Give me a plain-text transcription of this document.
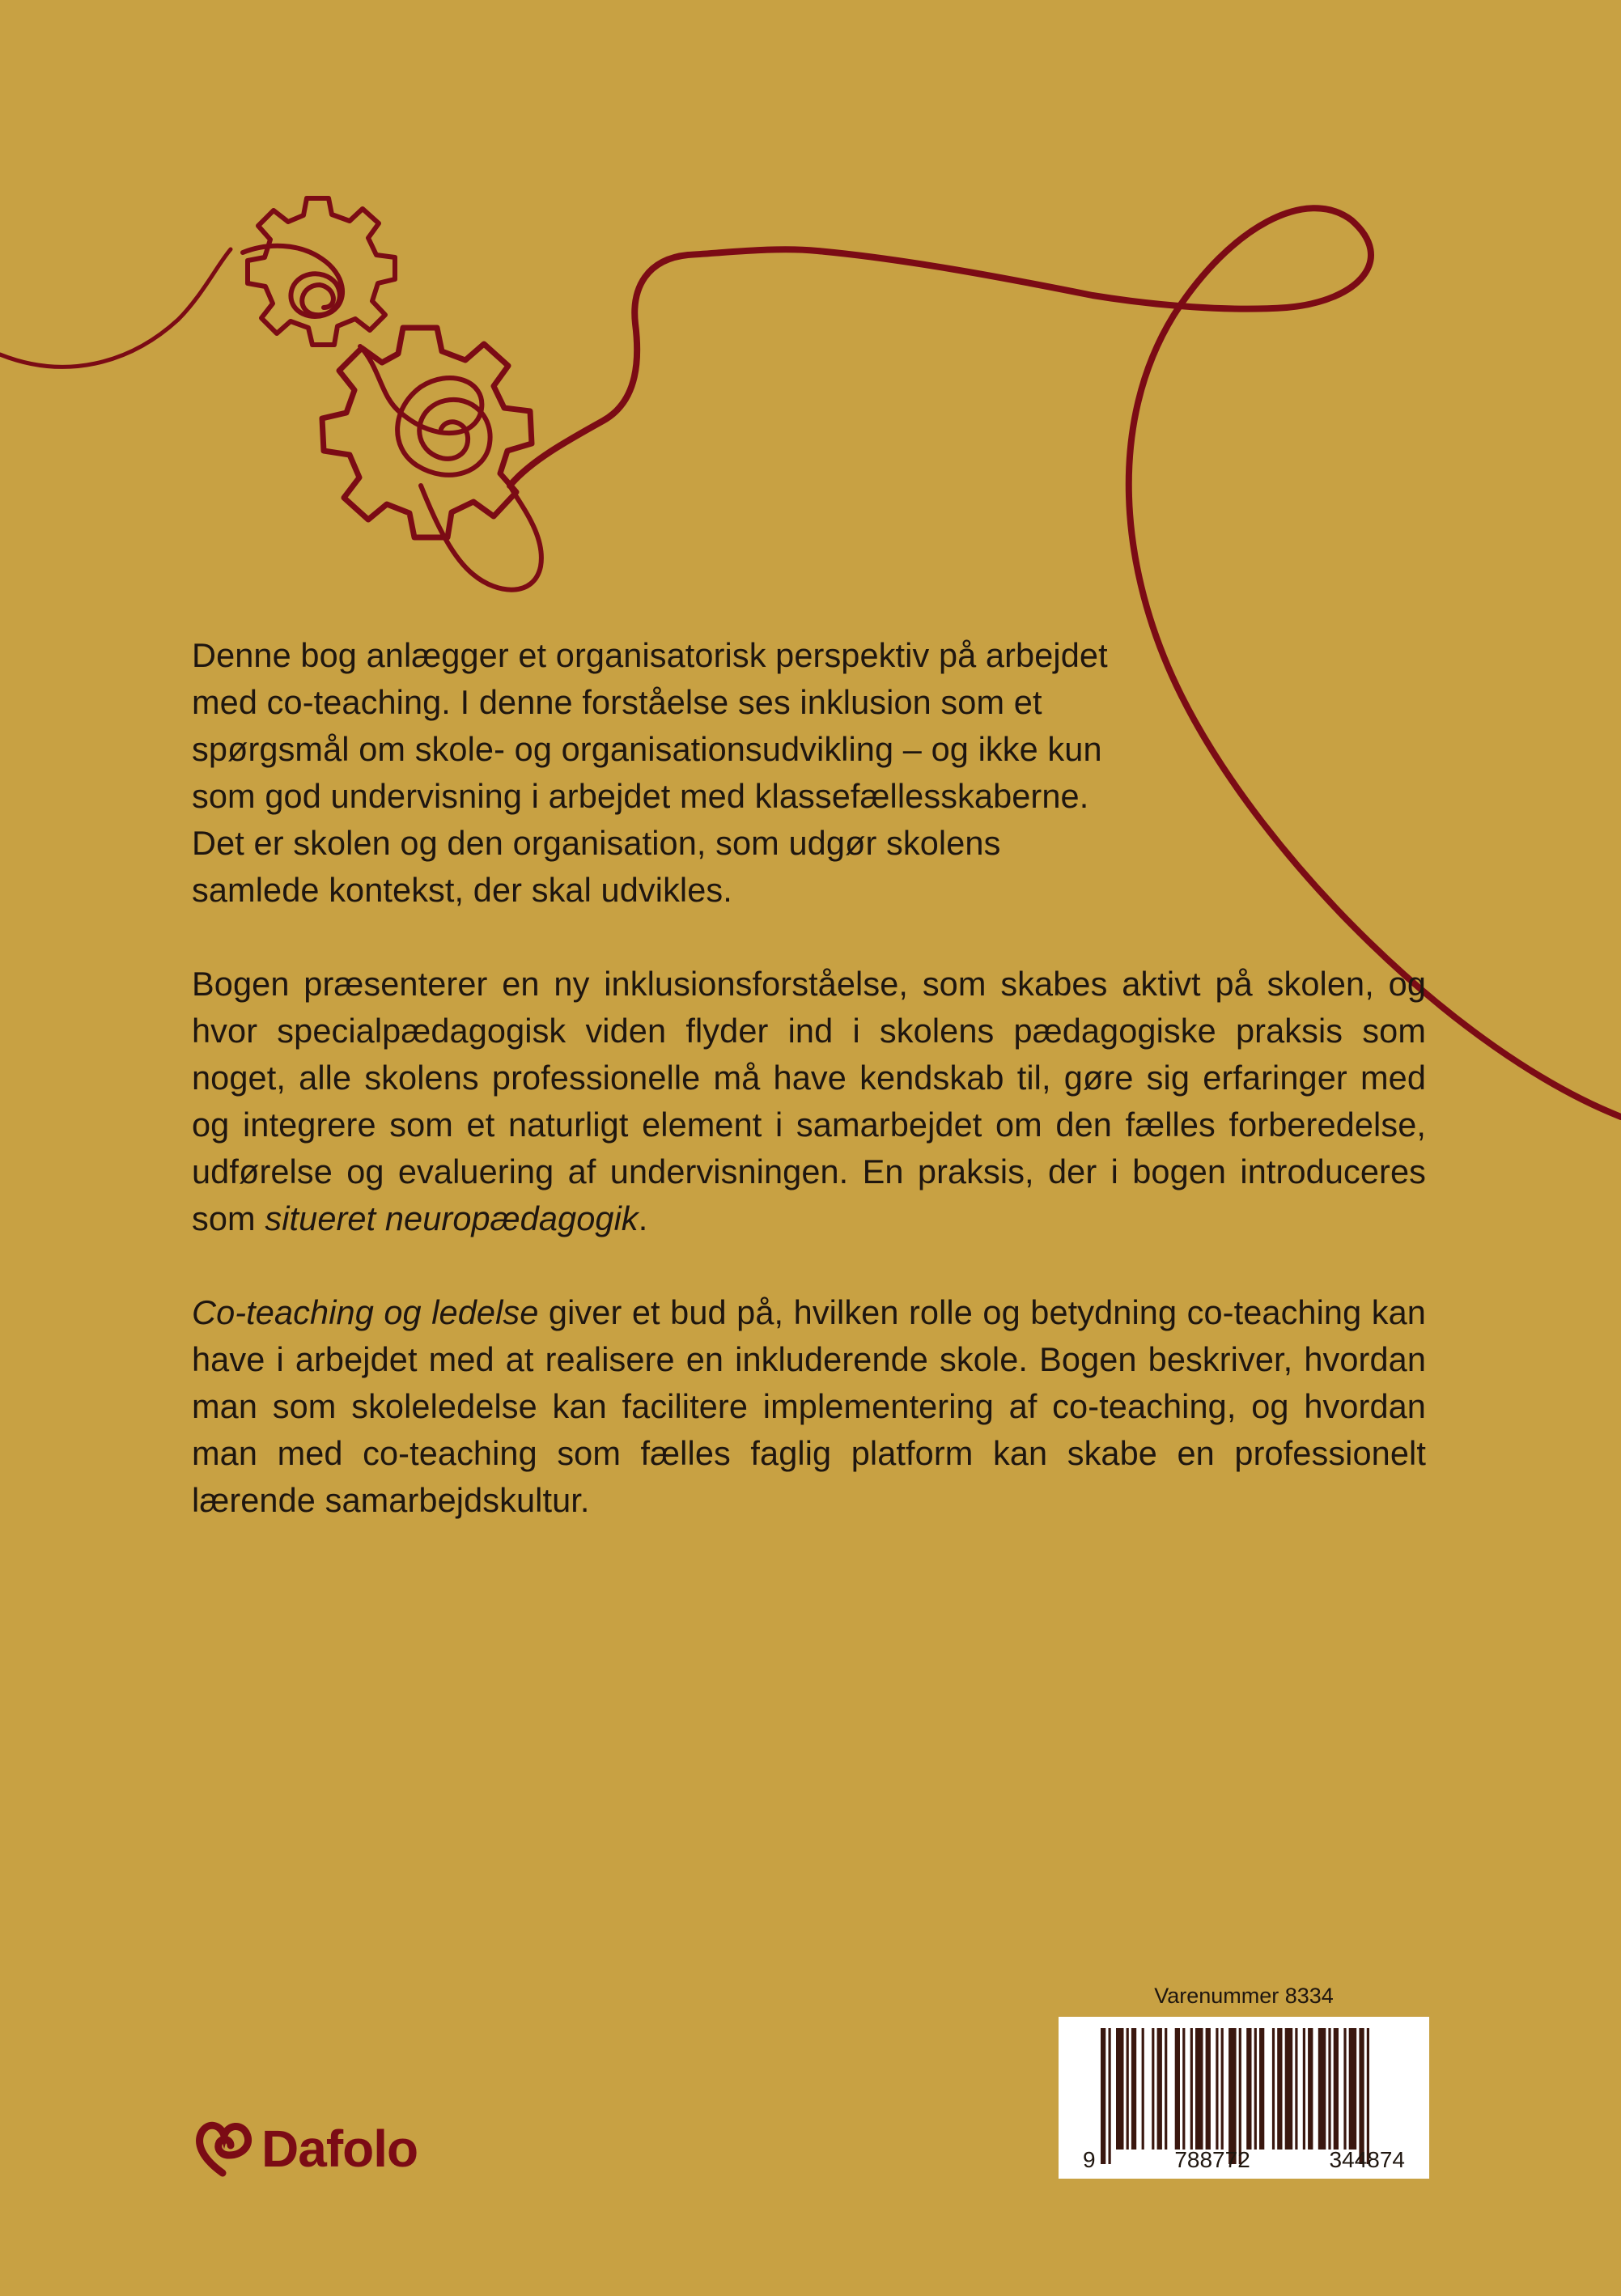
Denne bog anlægger et organisatorisk perspektiv på arbejdet med co-teaching. I denne forståelse ses inklusion som et spørgsmål om skole- og organisationsudvikling – og ikke kun som god undervisning i arbejdet med klassefællesskaberne. Det er skolen og den organisation, som udgør skolens samlede kontekst, der skal udvikles.

Bogen præsenterer en ny inklusionsforståelse, som skabes aktivt på skolen, og hvor specialpædagogisk viden flyder ind i skolens pædagogiske praksis som noget, alle skolens professionelle må have kendskab til, gøre sig erfaringer med og integrere som et naturligt element i samarbejdet om den fælles forberedelse, udførelse og evaluering af undervisningen. En praksis, der i bogen introduceres som situeret neuropædagogik.

Co-teaching og ledelse giver et bud på, hvilken rolle og betydning co-teaching kan have i arbejdet med at realisere en inkluderende skole. Bogen beskriver, hvordan man som skoleledelse kan facilitere implementering af co-teaching, og hvordan man med co-teaching som fælles faglig platform kan skabe en professionelt lærende samarbejdskultur.

Varenummer 8334
9	788772	344874
Dafolo
